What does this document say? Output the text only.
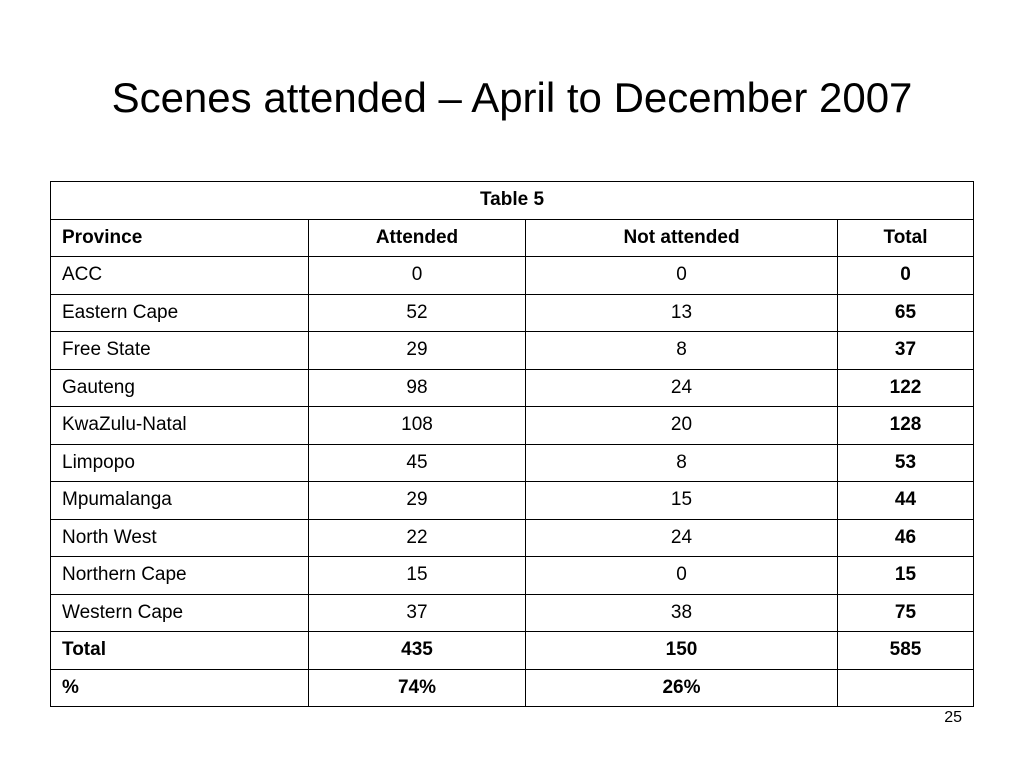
Scenes attended – April to December 2007
Table 5			
Province	Attended	Not attended	Total
ACC	0	0	0
Eastern Cape	52	13	65
Free State	29	8	37
Gauteng	98	24	122
KwaZulu-Natal	108	20	128
Limpopo	45	8	53
Mpumalanga	29	15	44
North West	22	24	46
Northern Cape	15	0	15
Western Cape	37	38	75
Total	435	150	585
%	74%	26%	
25
